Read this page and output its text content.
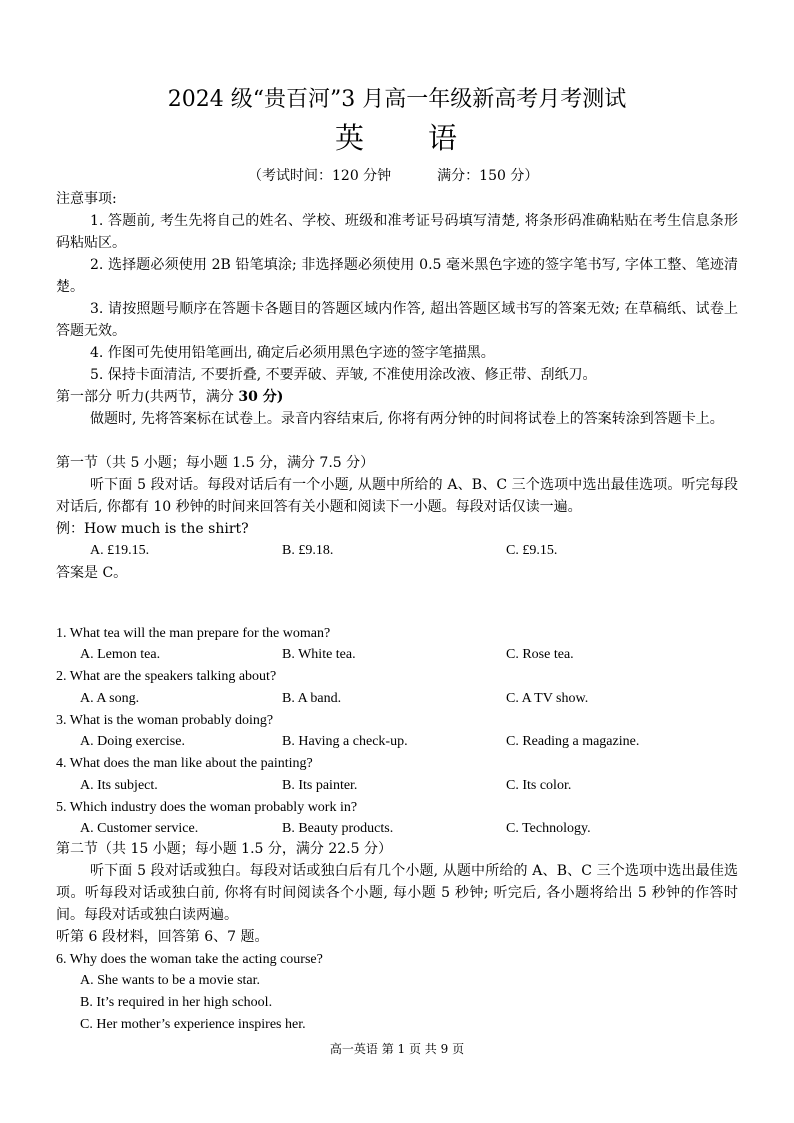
2024 级“贵百河”3 月高一年级新高考月考测试
英 语
（考试时间：120 分钟	满分：150 分）
注意事项:
1. 答题前, 考生先将自己的姓名、学校、班级和准考证号码填写清楚, 将条形码准确粘贴在考生信息条形码粘贴区。
2. 选择题必须使用 2B 铅笔填涂; 非选择题必须使用 0.5 毫米黑色字迹的签字笔书写, 字体工整、笔迹清楚。
3. 请按照题号顺序在答题卡各题目的答题区域内作答, 超出答题区域书写的答案无效; 在草稿纸、试卷上答题无效。
4. 作图可先使用铅笔画出, 确定后必须用黑色字迹的签字笔描黑。
5. 保持卡面清洁, 不要折叠, 不要弄破、弄皱, 不准使用涂改液、修正带、刮纸刀。
第一部分 听力(共两节，满分 30 分)
做题时, 先将答案标在试卷上。录音内容结束后, 你将有两分钟的时间将试卷上的答案转涂到答题卡上。
第一节（共 5 小题；每小题 1.5 分，满分 7.5 分）
听下面 5 段对话。每段对话后有一个小题, 从题中所给的 A、B、C 三个选项中选出最佳选项。听完每段对话后, 你都有 10 秒钟的时间来回答有关小题和阅读下一小题。每段对话仅读一遍。
例：How much is the shirt?
A. £19.15.	B. £9.18.	C. £9.15.
答案是 C。
1. What tea will the man prepare for the woman?
A. Lemon tea.	B. White tea.	C. Rose tea.
2. What are the speakers talking about?
A. A song.	B. A band.	C. A TV show.
3. What is the woman probably doing?
A. Doing exercise.	B. Having a check-up.	C. Reading a magazine.
4. What does the man like about the painting?
A. Its subject.	B. Its painter.	C. Its color.
5. Which industry does the woman probably work in?
A. Customer service.	B. Beauty products.	C. Technology.
第二节（共 15 小题；每小题 1.5 分，满分 22.5 分）
听下面 5 段对话或独白。每段对话或独白后有几个小题, 从题中所给的 A、B、C 三个选项中选出最佳选项。听每段对话或独白前, 你将有时间阅读各个小题, 每小题 5 秒钟; 听完后, 各小题将给出 5 秒钟的作答时间。每段对话或独白读两遍。
听第 6 段材料，回答第 6、7 题。
6. Why does the woman take the acting course?
A. She wants to be a movie star.
B. It’s required in her high school.
C. Her mother’s experience inspires her.
高一英语 第 1 页 共 9 页
